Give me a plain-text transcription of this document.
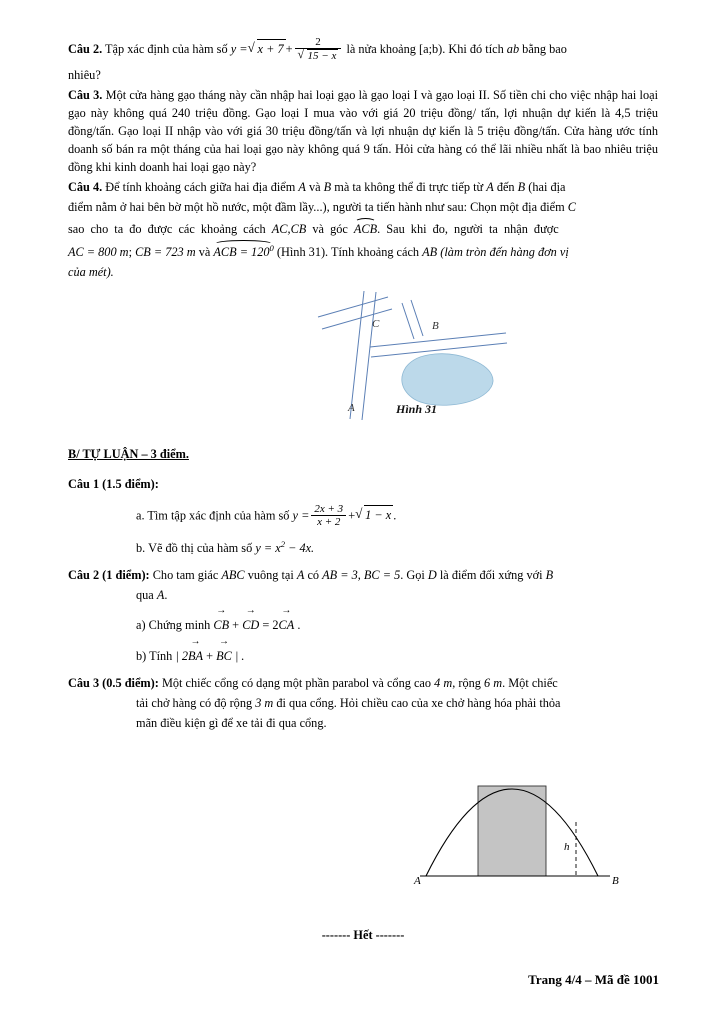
Câu 2. Tập xác định của hàm số y = √ x + 7 + 2
√ 15 − x là nửa khoảng [a;b). Khi đó tích ab bằng bao

nhiêu?

Câu 3. Một cửa hàng gạo tháng này cần nhập hai loại gạo là gạo loại I và gạo loại II. Số tiền chi cho việc nhập hai loại gạo này không quá 240 triệu đồng. Gạo loại I mua vào với giá 20 triệu đồng/ tấn, lợi nhuận dự kiến là 4,5 triệu đồng/tấn. Gạo loại II nhập vào với giá 30 triệu đồng/tấn và lợi nhuận dự kiến là 5 triệu đồng/tấn. Cửa hàng ước tính doanh số bán ra một tháng của hai loại gạo này không quá 9 tấn. Hỏi cửa hàng có thể lãi nhiều nhất là bao nhiêu triệu đồng khi kinh doanh hai loại gạo này?

Câu 4. Để tính khoảng cách giữa hai địa điểm A và B mà ta không thể đi trực tiếp từ A đến B (hai địa

điểm nằm ở hai bên bờ một hồ nước, một đầm lầy...), người ta tiến hành như sau: Chọn một địa điểm C

sao cho ta đo được các khoảng cách AC,CB và góc ACB. Sau khi đo, người ta nhận được

AC = 800 m; CB = 723 m và ACB = $120^0$ (Hình 31). Tính khoảng cách AB (làm tròn đến hàng đơn vị

của mét).

C	B
A	Hình 31

B/ TỰ LUẬN – 3 điểm.

Câu 1 (1.5 điểm):

a. Tìm tập xác định của hàm số $y = \frac{2x + 3}{x + 2}$ + √ 1 − x .

b. Vẽ đồ thị của hàm số $y = x^2 - 4x$.

Câu 2 (1 điểm): Cho tam giác ABC vuông tại A có AB = 3, BC = 5. Gọi D là điểm đối xứng với B

qua A.

a) Chứng minh → CB + → CD = 2→ CA .

b) Tính | 2→ BA + → BC | .

Câu 3 (0.5 điểm): Một chiếc cổng có dạng một phần parabol và cổng cao 4 m, rộng 6 m. Một chiếc

tải chở hàng có độ rộng 3 m đi qua cổng. Hỏi chiều cao của xe chở hàng hóa phải thỏa

mãn điều kiện gì để xe tải đi qua cổng.

h
A	B

------- Hết -------

Trang 4/4 – Mã đề 1001
